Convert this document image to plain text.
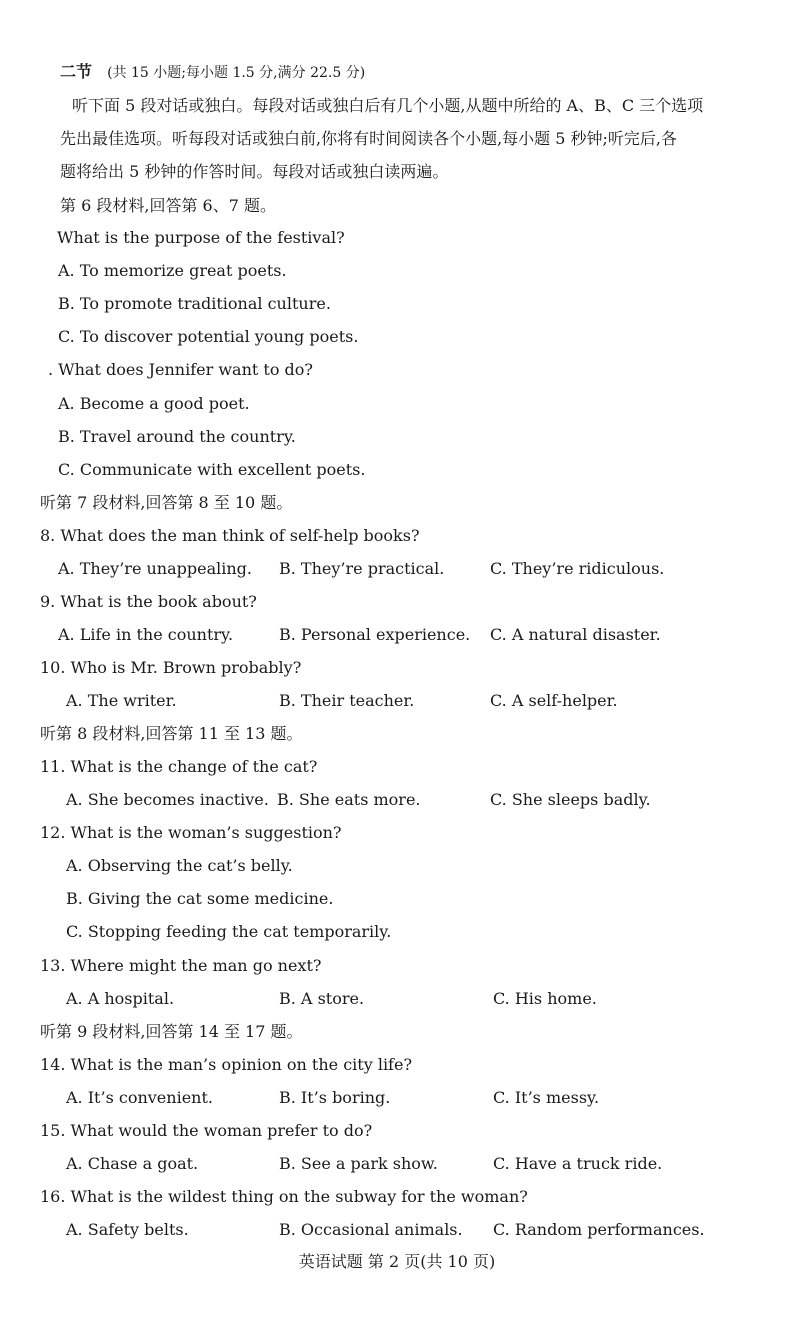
二节 (共 15 小题;每小题 1.5 分,满分 22.5 分)
听下面 5 段对话或独白。每段对话或独白后有几个小题,从题中所给的 A、B、C 三个选项
先出最佳选项。听每段对话或独白前,你将有时间阅读各个小题,每小题 5 秒钟;听完后,各
题将给出 5 秒钟的作答时间。每段对话或独白读两遍。
第 6 段材料,回答第 6、7 题。
What is the purpose of the festival?
A. To memorize great poets.
B. To promote traditional culture.
C. To discover potential young poets.
. What does Jennifer want to do?
A. Become a good poet.
B. Travel around the country.
C. Communicate with excellent poets.
听第 7 段材料,回答第 8 至 10 题。
8. What does the man think of self-help books?
A. They’re unappealing. B. They’re practical.	C. They’re ridiculous.
9. What is the book about?
A. Life in the country.	B. Personal experience. C. A natural disaster.
10. Who is Mr. Brown probably?
A. The writer.	B. Their teacher.	C. A self-helper.
听第 8 段材料,回答第 11 至 13 题。
11. What is the change of the cat?
A. She becomes inactive. B. She eats more.	C. She sleeps badly.
12. What is the woman’s suggestion?
A. Observing the cat’s belly.
B. Giving the cat some medicine.
C. Stopping feeding the cat temporarily.
13. Where might the man go next?
A. A hospital.	B. A store.	C. His home.
听第 9 段材料,回答第 14 至 17 题。
14. What is the man’s opinion on the city life?
A. It’s convenient.	B. It’s boring.	C. It’s messy.
15. What would the woman prefer to do?
A. Chase a goat.	B. See a park show.	C. Have a truck ride.
16. What is the wildest thing on the subway for the woman?
A. Safety belts.	B. Occasional animals. C. Random performances.
英语试题 第 2 页(共 10 页)
